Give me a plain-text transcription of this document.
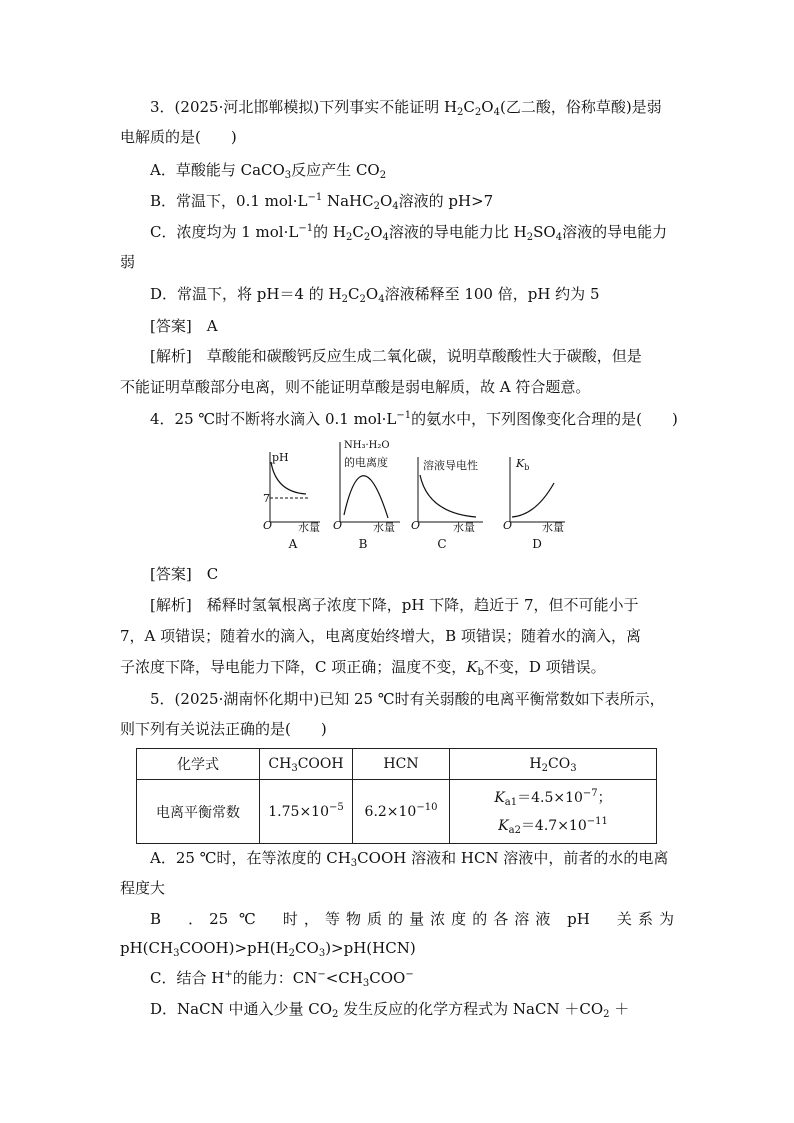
3．(2025·河北邯郸模拟)下列事实不能证明 $H_2C_2O_4$(乙二酸，俗称草酸)是弱
电解质的是(　　)
A．草酸能与 CaCO$_3$反应产生 $CO_2$
B．常温下，0.1 $mol\cdot L^{-1}$ $NaHC_2O_4$溶液的 pH>7
C．浓度均为 1 $mol\cdot L^{-1}$的 $H_2C_2O_4$溶液的导电能力比 $H_2SO_4$溶液的导电能力
弱
D．常温下，将 pH＝4 的 $H_2C_2O_4$溶液稀释至 100 倍，pH 约为 5
[答案]　 A
[解析]　 草酸能和碳酸钙反应生成二氧化碳，说明草酸酸性大于碳酸，但是
不能证明草酸部分电离，则不能证明草酸是弱电解质，故 A 符合题意。
4．25 ℃时不断将水滴入 0.1 $mol\cdot L^{-1}$的氨水中，下列图像变化合理的是(　　)
pH
7
O 水量
A
NH₃·H₂O
的电离度
O	水量
B
溶液导电性
O	水量
C
$K_b$
O	水量
D
[答案]　 C
[解析]　 稀释时氢氧根离子浓度下降，pH 下降，趋近于 7，但不可能小于
7，A 项错误；随着水的滴入，电离度始终增大，B 项错误；随着水的滴入，离
子浓度下降，导电能力下降，C 项正确；温度不变，$K_b$不变，D 项错误。
5．(2025·湖南怀化期中)已知 25 ℃时有关弱酸的电离平衡常数如下表所示，
则下列有关说法正确的是(　　)
化学式	$CH_3COOH$	HCN	$H_2CO_3$
电离平衡常数	$1.75\times 10^{-5}$	$6.2\times 10^{-10}$	$K_{a1}=4.5\times 10^{-7}$；
$K_{a2}=4.7\times 10^{-11}$
A．25 ℃时，在等浓度的 $CH_3COOH$ 溶液和 HCN 溶液中，前者的水的电离
程度大
B　．25 ℃　时，等物质的量浓度的各溶液 pH　关系为
$pH(CH_3COOH)>pH(H_2CO_3)>pH(HCN)$
C．结合 H+的能力：$CN^-<CH_3COO^-$
D．NaCN 中通入少量 $CO_2$ 发生反应的化学方程式为 NaCN $+CO_2$ ＋
